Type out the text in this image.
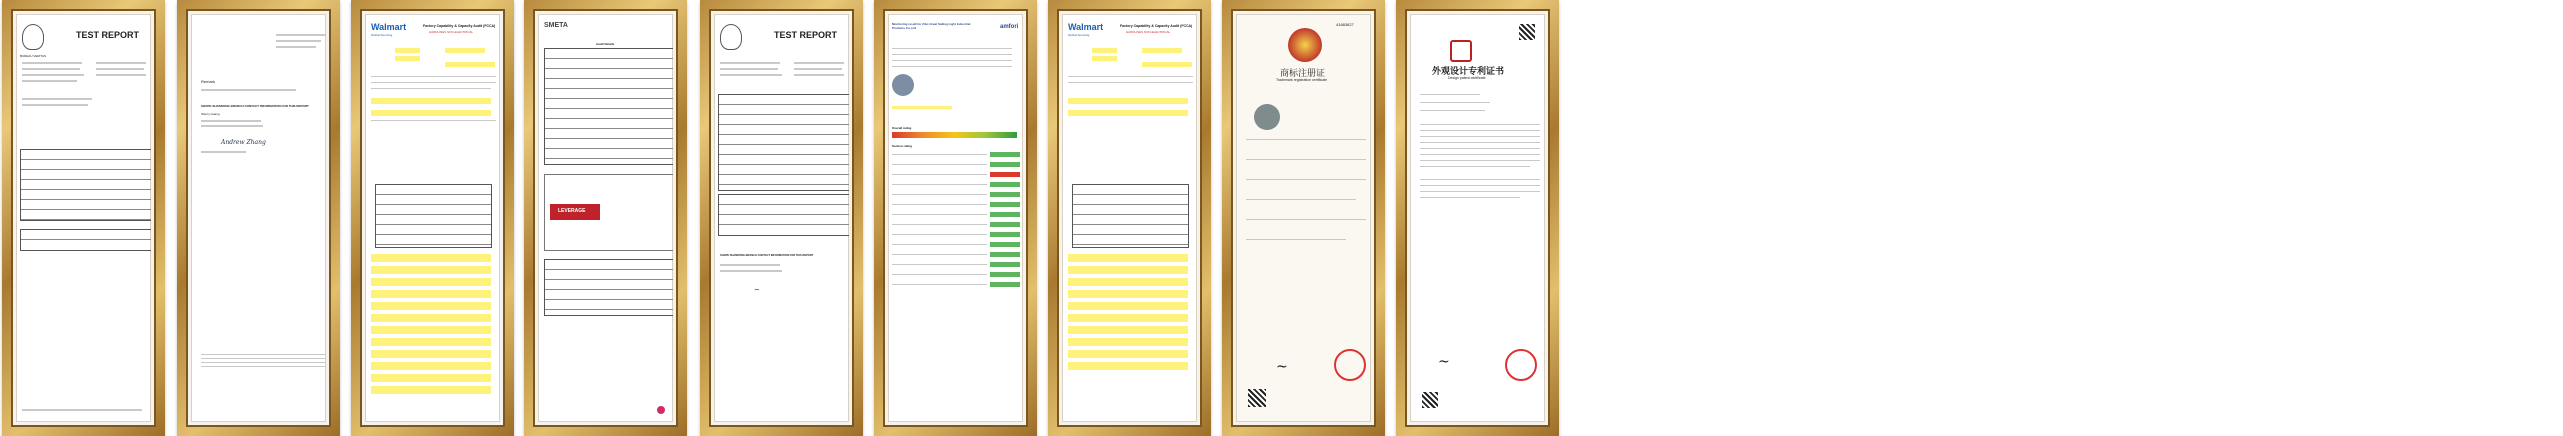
TEST REPORT
BUREAU VERITAS
Remark
SHOPE SHANDONG BRANCH CONTACT INFORMATION FOR THIS REPORT
Sherry Huang
Andrew Zhang
Walmart
Global Sourcing
Factory Capability & Capacity Audit (FCCA)
HARDLINES NON-ELECTRICAL
SMETA
Audit Details
LEVERAGE
TEST REPORT
SHOPE SHANDONG BRANCH CONTACT INFORMATION FOR THIS REPORT
~
Monitoring result for Zibo Great Sailing Light Industrial Products Co.,Ltd	amfori
Overall rating
Section rating
Walmart
Global Sourcing
Factory Capability & Capacity Audit (FCCA)
HARDLINES NON-ELECTRICAL
41683627
商标注册证
Trademark registration certificate
~
外观设计专利证书
Design patent certificate
~
